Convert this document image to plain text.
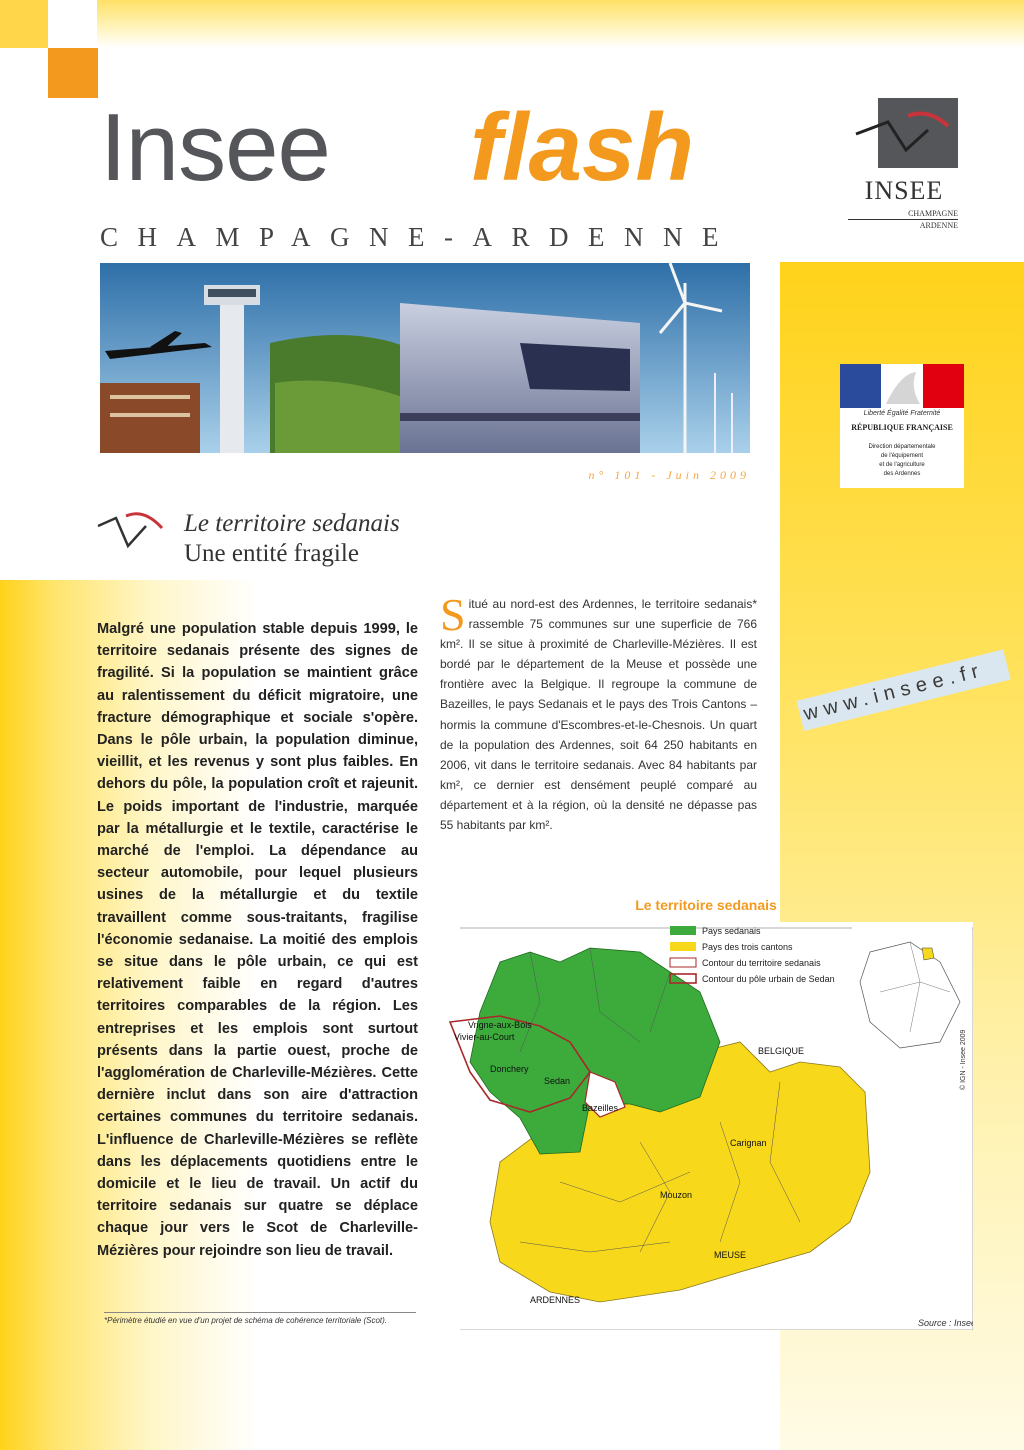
Insee flash
CHAMPAGNE-ARDENNE
INSEE
CHAMPAGNE
ARDENNE
Liberté Égalité Fraternité
RÉPUBLIQUE FRANÇAISE
Direction départementale
de l'équipement
et de l'agriculture
des Ardennes
n° 101 - Juin 2009
Le territoire sedanais
Une entité fragile
www.insee.fr
Malgré une population stable depuis 1999, le territoire sedanais présente des signes de fragilité. Si la population se maintient grâce au ralentissement du déficit migratoire, une fracture démographique et sociale s'opère. Dans le pôle urbain, la population diminue, vieillit, et les revenus y sont plus faibles. En dehors du pôle, la population croît et rajeunit. Le poids important de l'industrie, marquée par la métallurgie et le textile, caractérise le marché de l'emploi. La dépendance au secteur automobile, pour lequel plusieurs usines de la métallurgie et du textile travaillent comme sous-traitants, fragilise l'économie sedanaise. La moitié des emplois se situe dans le pôle urbain, ce qui est relativement faible en regard d'autres territoires comparables de la région. Les entreprises et les emplois sont surtout présents dans la partie ouest, proche de l'agglomération de Charleville-Mézières. Cette dernière inclut dans son aire d'attraction certaines communes du territoire sedanais. L'influence de Charleville-Mézières se reflète dans les déplacements quotidiens entre le domicile et le lieu de travail. Un actif du territoire sedanais sur quatre se déplace chaque jour vers le Scot de Charleville-Mézières pour rejoindre son lieu de travail.
Situé au nord-est des Ardennes, le territoire sedanais* rassemble 75 communes sur une superficie de 766 km². Il se situe à proximité de Charleville-Mézières. Il est bordé par le département de la Meuse et possède une frontière avec la Belgique. Il regroupe la commune de Bazeilles, le pays Sedanais et le pays des Trois Cantons – hormis la commune d'Escombres-et-le-Chesnois. Un quart de la population des Ardennes, soit 64 250 habitants en 2006, vit dans le territoire sedanais. Avec 84 habitants par km², ce dernier est densément peuplé comparé au département et à la région, où la densité ne dépasse pas 55 habitants par km².
*Périmètre étudié en vue d'un projet de schéma de cohérence territoriale (Scot).
Le territoire sedanais
Pays sedanais
Pays des trois cantons
Contour du territoire sedanais
Contour du pôle urbain de Sedan
Vrigne-aux-Bois
Vivier-au-Court
Donchery
Sedan
Bazeilles
Carignan
Mouzon
BELGIQUE
MEUSE
ARDENNES
© IGN - Insee 2009
Source : Insee
